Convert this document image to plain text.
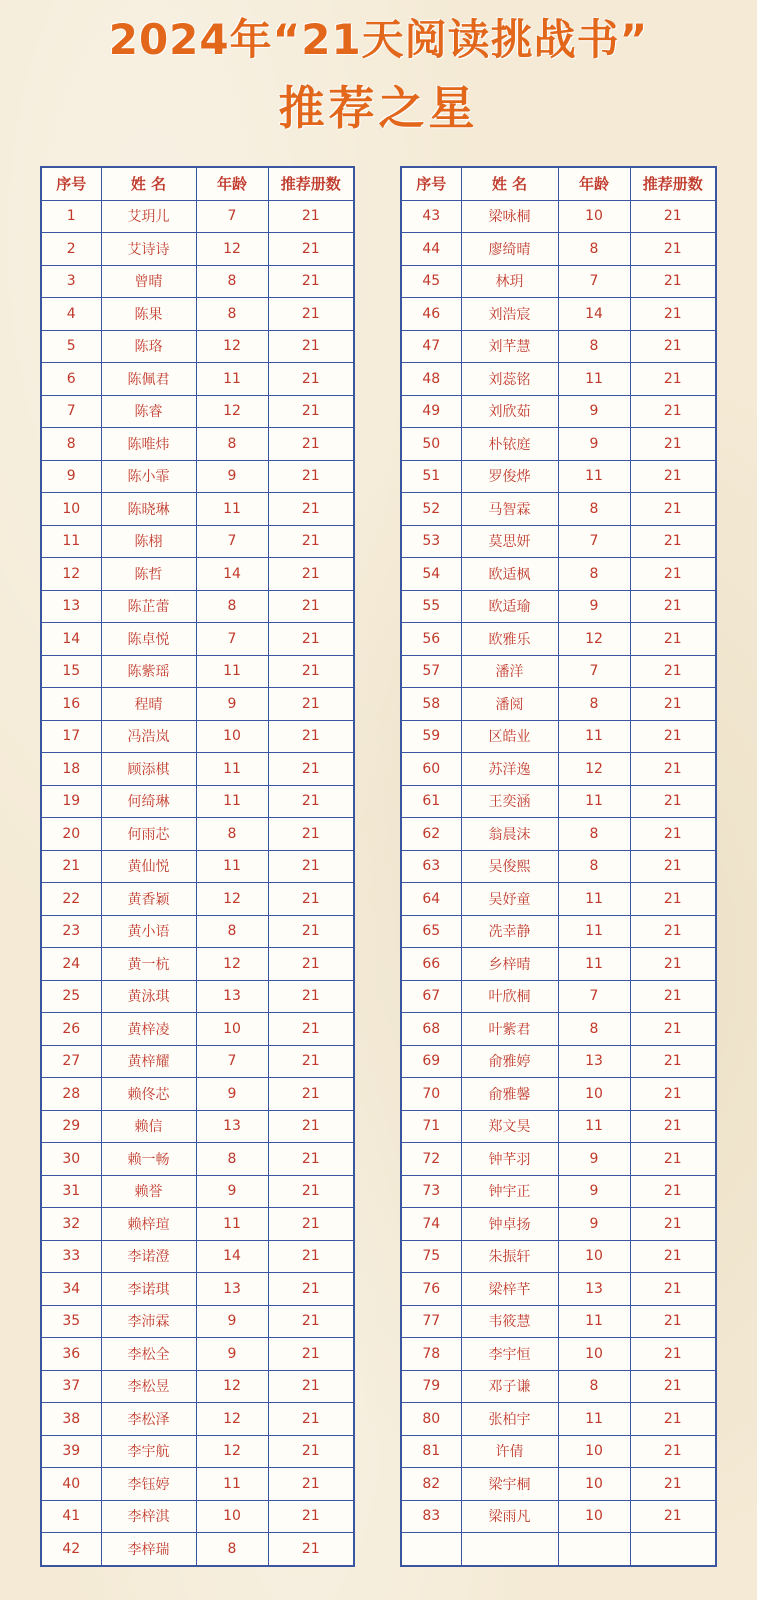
2024年“21天阅读挑战书”
推荐之星
序号	姓 名	年龄	推荐册数
1	艾玥儿	7	21
2	艾诗诗	12	21
3	曾晴	8	21
4	陈果	8	21
5	陈珞	12	21
6	陈佩君	11	21
7	陈睿	12	21
8	陈唯炜	8	21
9	陈小霏	9	21
10	陈晓琳	11	21
11	陈栩	7	21
12	陈哲	14	21
13	陈芷蕾	8	21
14	陈卓悦	7	21
15	陈紫瑶	11	21
16	程晴	9	21
17	冯浩岚	10	21
18	顾添棋	11	21
19	何绮琳	11	21
20	何雨芯	8	21
21	黄仙悦	11	21
22	黄香颖	12	21
23	黄小语	8	21
24	黄一杭	12	21
25	黄泳琪	13	21
26	黄梓凌	10	21
27	黄梓耀	7	21
28	赖佟芯	9	21
29	赖信	13	21
30	赖一畅	8	21
31	赖誉	9	21
32	赖梓瑄	11	21
33	李诺澄	14	21
34	李诺琪	13	21
35	李沛霖	9	21
36	李松全	9	21
37	李松昱	12	21
38	李松泽	12	21
39	李宇航	12	21
40	李钰婷	11	21
41	李梓淇	10	21
42	李梓瑞	8	21
序号	姓 名	年龄	推荐册数
43	梁咏桐	10	21
44	廖绮晴	8	21
45	林玥	7	21
46	刘浩宸	14	21
47	刘芊慧	8	21
48	刘蕊铭	11	21
49	刘欣茹	9	21
50	朴铱庭	9	21
51	罗俊烨	11	21
52	马智霖	8	21
53	莫思妍	7	21
54	欧适枫	8	21
55	欧适瑜	9	21
56	欧雅乐	12	21
57	潘洋	7	21
58	潘阅	8	21
59	区皓业	11	21
60	苏洋逸	12	21
61	王奕涵	11	21
62	翁晨沫	8	21
63	吴俊熙	8	21
64	吴妤童	11	21
65	冼幸静	11	21
66	乡梓晴	11	21
67	叶欣桐	7	21
68	叶紫君	8	21
69	俞雅婷	13	21
70	俞雅馨	10	21
71	郑文昊	11	21
72	钟芊羽	9	21
73	钟宇正	9	21
74	钟卓扬	9	21
75	朱振轩	10	21
76	梁梓芊	13	21
77	韦筱慧	11	21
78	李宇恒	10	21
79	邓子谦	8	21
80	张柏宇	11	21
81	许倩	10	21
82	梁宇桐	10	21
83	梁雨凡	10	21
